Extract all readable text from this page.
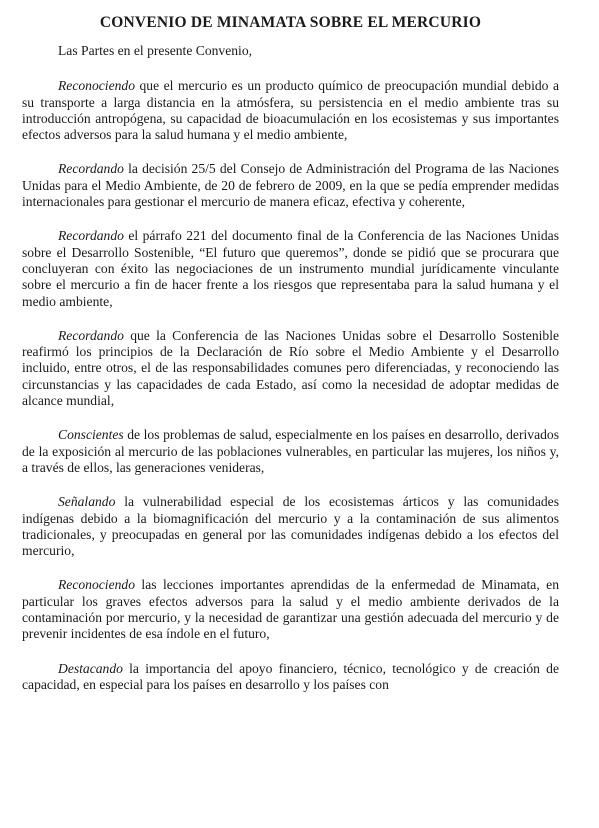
CONVENIO DE MINAMATA SOBRE EL MERCURIO

Las Partes en el presente Convenio,

Reconociendo que el mercurio es un producto químico de preocupación mundial debido a su transporte a larga distancia en la atmósfera, su persistencia en el medio ambiente tras su introducción antropógena, su capacidad de bioacumulación en los ecosistemas y sus importantes efectos adversos para la salud humana y el medio ambiente,

Recordando la decisión 25/5 del Consejo de Administración del Programa de las Naciones Unidas para el Medio Ambiente, de 20 de febrero de 2009, en la que se pedía emprender medidas internacionales para gestionar el mercurio de manera eficaz, efectiva y coherente,

Recordando el párrafo 221 del documento final de la Conferencia de las Naciones Unidas sobre el Desarrollo Sostenible, “El futuro que queremos”, donde se pidió que se procurara que concluyeran con éxito las negociaciones de un instrumento mundial jurídicamente vinculante sobre el mercurio a fin de hacer frente a los riesgos que representaba para la salud humana y el medio ambiente,

Recordando que la Conferencia de las Naciones Unidas sobre el Desarrollo Sostenible reafirmó los principios de la Declaración de Río sobre el Medio Ambiente y el Desarrollo incluido, entre otros, el de las responsabilidades comunes pero diferenciadas, y reconociendo las circunstancias y las capacidades de cada Estado, así como la necesidad de adoptar medidas de alcance mundial,

Conscientes de los problemas de salud, especialmente en los países en desarrollo, derivados de la exposición al mercurio de las poblaciones vulnerables, en particular las mujeres, los niños y, a través de ellos, las generaciones venideras,

Señalando la vulnerabilidad especial de los ecosistemas árticos y las comunidades indígenas debido a la biomagnificación del mercurio y a la contaminación de sus alimentos tradicionales, y preocupadas en general por las comunidades indígenas debido a los efectos del mercurio,

Reconociendo las lecciones importantes aprendidas de la enfermedad de Minamata, en particular los graves efectos adversos para la salud y el medio ambiente derivados de la contaminación por mercurio, y la necesidad de garantizar una gestión adecuada del mercurio y de prevenir incidentes de esa índole en el futuro,

Destacando la importancia del apoyo financiero, técnico, tecnológico y de creación de capacidad, en especial para los países en desarrollo y los países con
